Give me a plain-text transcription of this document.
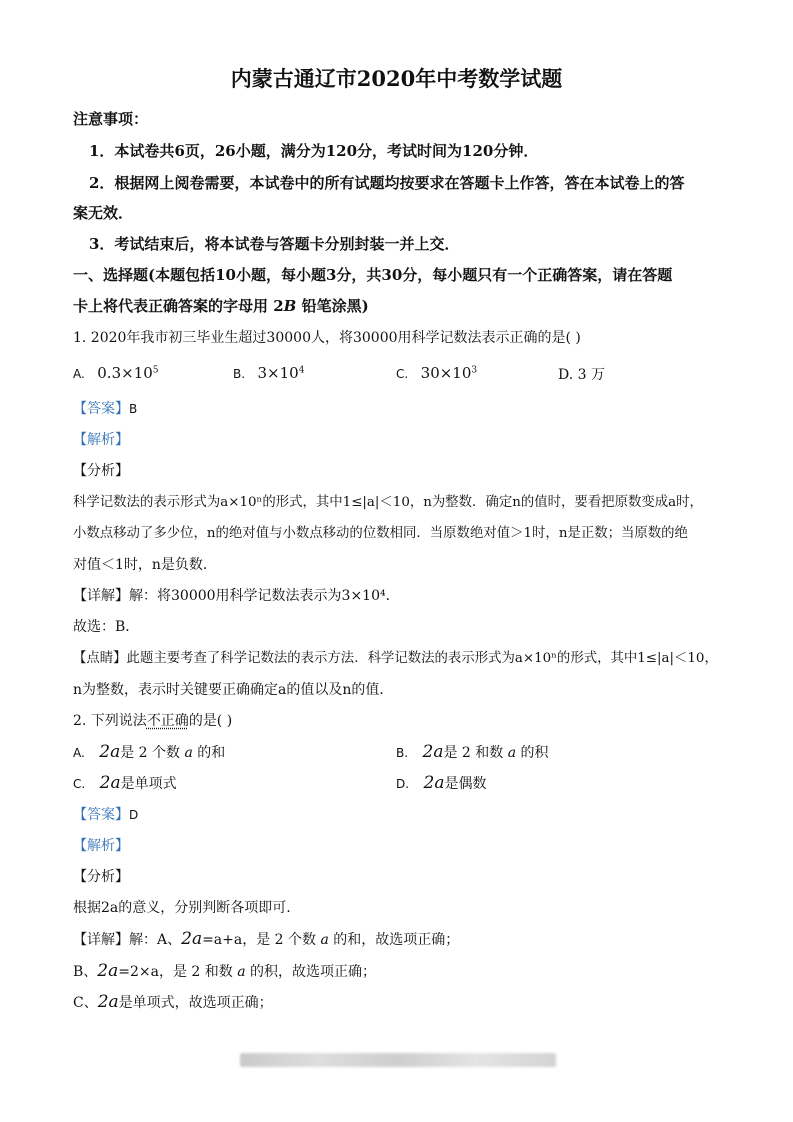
内蒙古通辽市2020年中考数学试题
注意事项：
1．本试卷共6页，26小题，满分为120分，考试时间为120分钟．
2．根据网上阅卷需要，本试卷中的所有试题均按要求在答题卡上作答，答在本试卷上的答
案无效．
3．考试结束后，将本试卷与答题卡分别封装一并上交．
一、选择题(本题包括10小题，每小题3分，共30分，每小题只有一个正确答案，请在答题
卡上将代表正确答案的字母用 2B 铅笔涂黑)
1. 2020年我市初三毕业生超过30000人，将30000用科学记数法表示正确的是( )
A. $0.3\times 10^5$	B. $3\times 10^4$	C. $30\times 10^3$	D. 3 万
【答案】B
【解析】
【分析】
科学记数法的表示形式为a×10ⁿ的形式，其中1≤|a|＜10，n为整数．确定n的值时，要看把原数变成a时，
小数点移动了多少位，n的绝对值与小数点移动的位数相同．当原数绝对值＞1时，n是正数；当原数的绝
对值＜1时，n是负数．
【详解】解：将30000用科学记数法表示为3×10⁴．
故选：B．
【点睛】此题主要考查了科学记数法的表示方法．科学记数法的表示形式为a×10ⁿ的形式，其中1≤|a|＜10，
n为整数，表示时关键要正确确定a的值以及n的值．
2. 下列说法不正确的是( )
A. 2a是 2 个数 a 的和	B. 2a是 2 和数 a 的积
C. 2a是单项式	D. 2a是偶数
【答案】D
【解析】
【分析】
根据2a的意义，分别判断各项即可.
【详解】解：A、2a=a+a，是 2 个数 a 的和，故选项正确；
B、2a=2×a，是 2 和数 a 的积，故选项正确；
C、2a是单项式，故选项正确；
